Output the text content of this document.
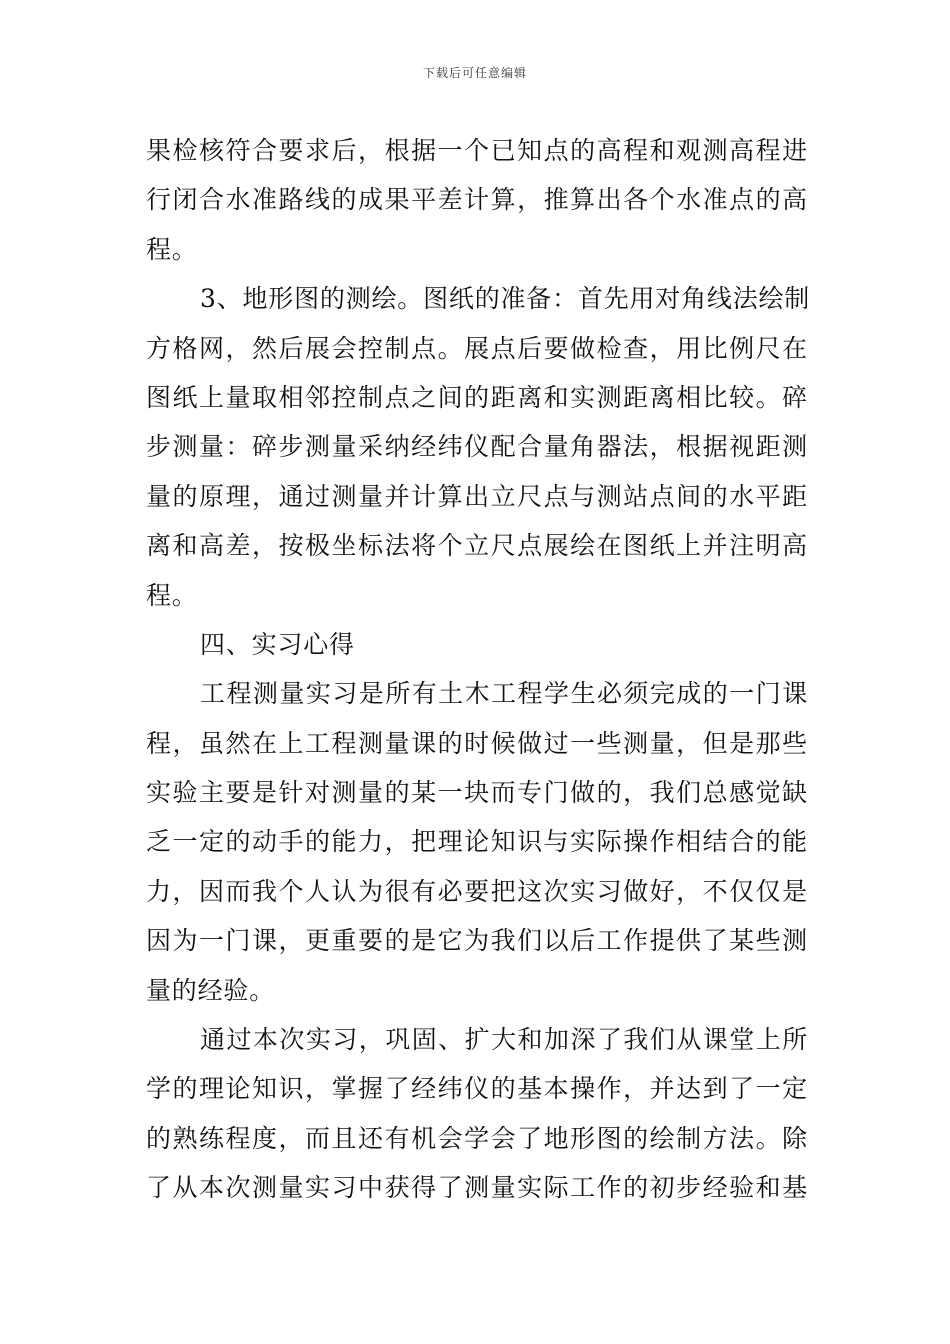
下载后可任意编辑
果检核符合要求后，根据一个已知点的高程和观测高程进
行闭合水准路线的成果平差计算，推算出各个水准点的高
程。
3、地形图的测绘。图纸的准备：首先用对角线法绘制
方格网，然后展会控制点。展点后要做检查，用比例尺在
图纸上量取相邻控制点之间的距离和实测距离相比较。碎
步测量：碎步测量采纳经纬仪配合量角器法，根据视距测
量的原理，通过测量并计算出立尺点与测站点间的水平距
离和高差，按极坐标法将个立尺点展绘在图纸上并注明高
程。
四、实习心得
工程测量实习是所有土木工程学生必须完成的一门课
程，虽然在上工程测量课的时候做过一些测量，但是那些
实验主要是针对测量的某一块而专门做的，我们总感觉缺
乏一定的动手的能力，把理论知识与实际操作相结合的能
力，因而我个人认为很有必要把这次实习做好，不仅仅是
因为一门课，更重要的是它为我们以后工作提供了某些测
量的经验。
通过本次实习，巩固、扩大和加深了我们从课堂上所
学的理论知识，掌握了经纬仪的基本操作，并达到了一定
的熟练程度，而且还有机会学会了地形图的绘制方法。除
了从本次测量实习中获得了测量实际工作的初步经验和基
